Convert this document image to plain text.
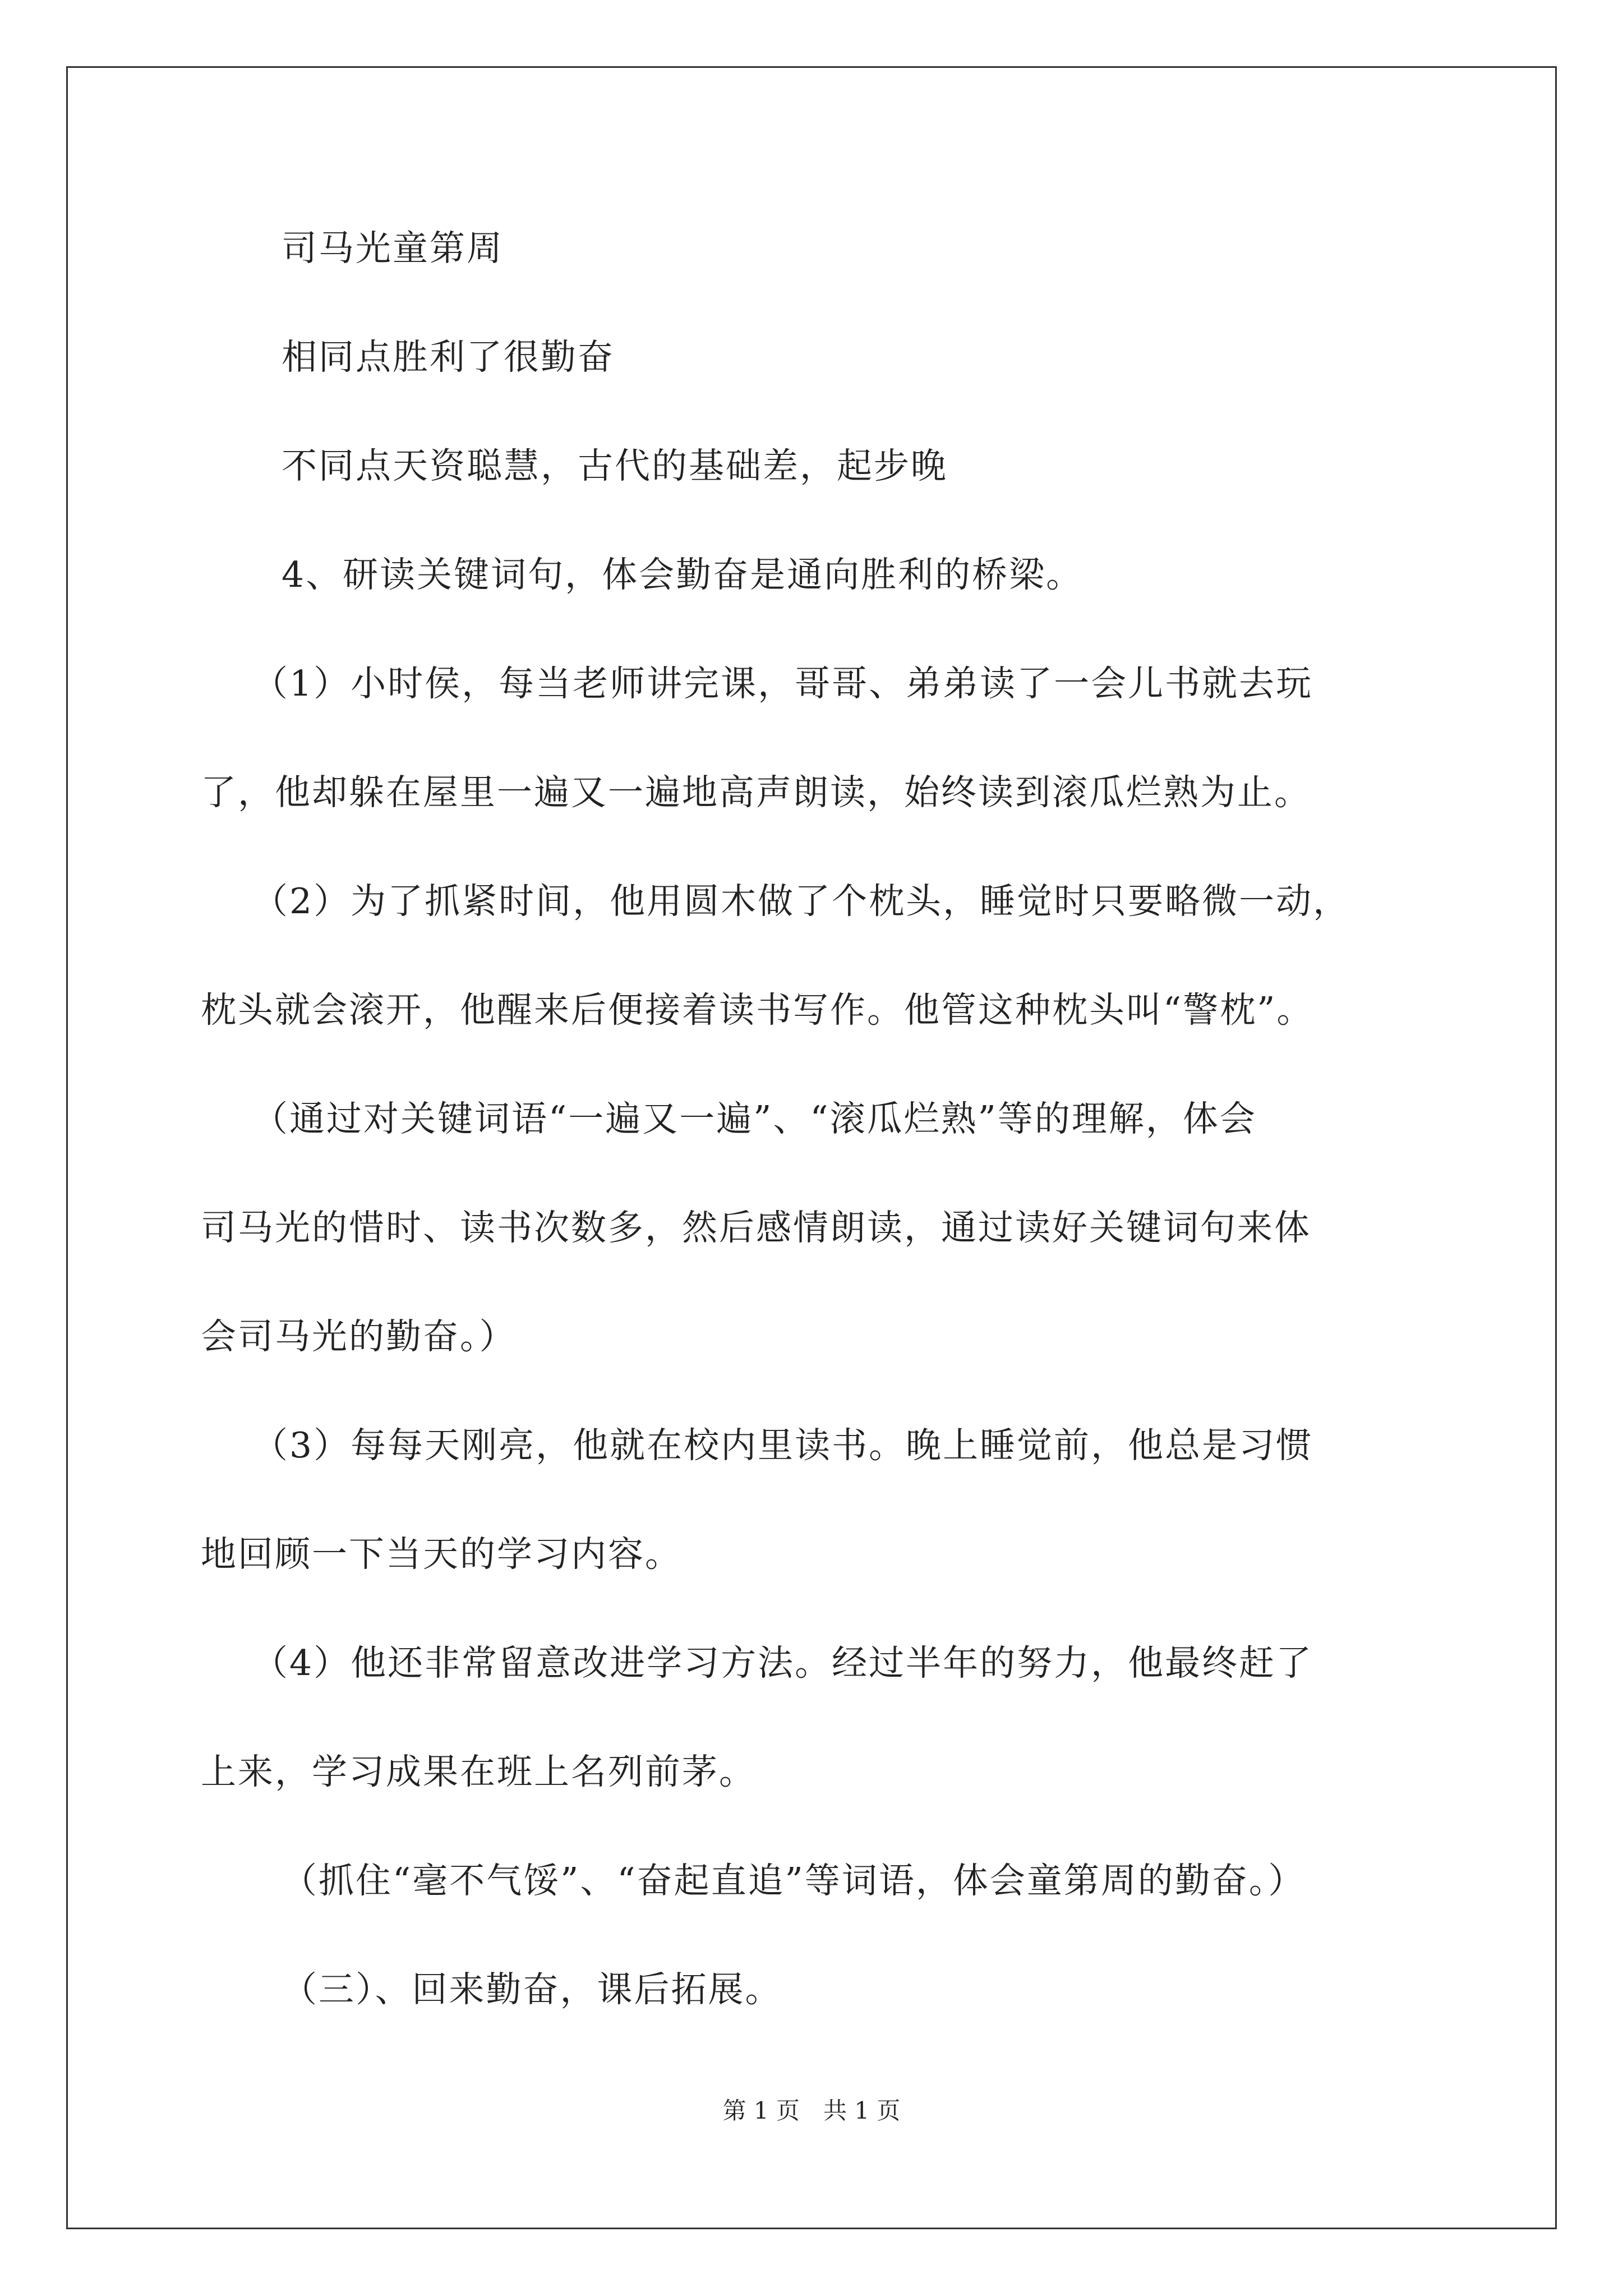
司马光童第周
相同点胜利了很勤奋
不同点天资聪慧，古代的基础差，起步晚
4、研读关键词句，体会勤奋是通向胜利的桥梁。
（1）小时侯，每当老师讲完课，哥哥、弟弟读了一会儿书就去玩
了，他却躲在屋里一遍又一遍地高声朗读，始终读到滚瓜烂熟为止。
（2）为了抓紧时间，他用圆木做了个枕头，睡觉时只要略微一动，
枕头就会滚开，他醒来后便接着读书写作。他管这种枕头叫“警枕”。
（通过对关键词语“一遍又一遍”、“滚瓜烂熟”等的理解，体会
司马光的惜时、读书次数多，然后感情朗读，通过读好关键词句来体
会司马光的勤奋。）
（3）每每天刚亮，他就在校内里读书。晚上睡觉前，他总是习惯
地回顾一下当天的学习内容。
（4）他还非常留意改进学习方法。经过半年的努力，他最终赶了
上来，学习成果在班上名列前茅。
（抓住“毫不气馁”、“奋起直追”等词语，体会童第周的勤奋。）
（三）、回来勤奋，课后拓展。
第 1 页　共 1 页
